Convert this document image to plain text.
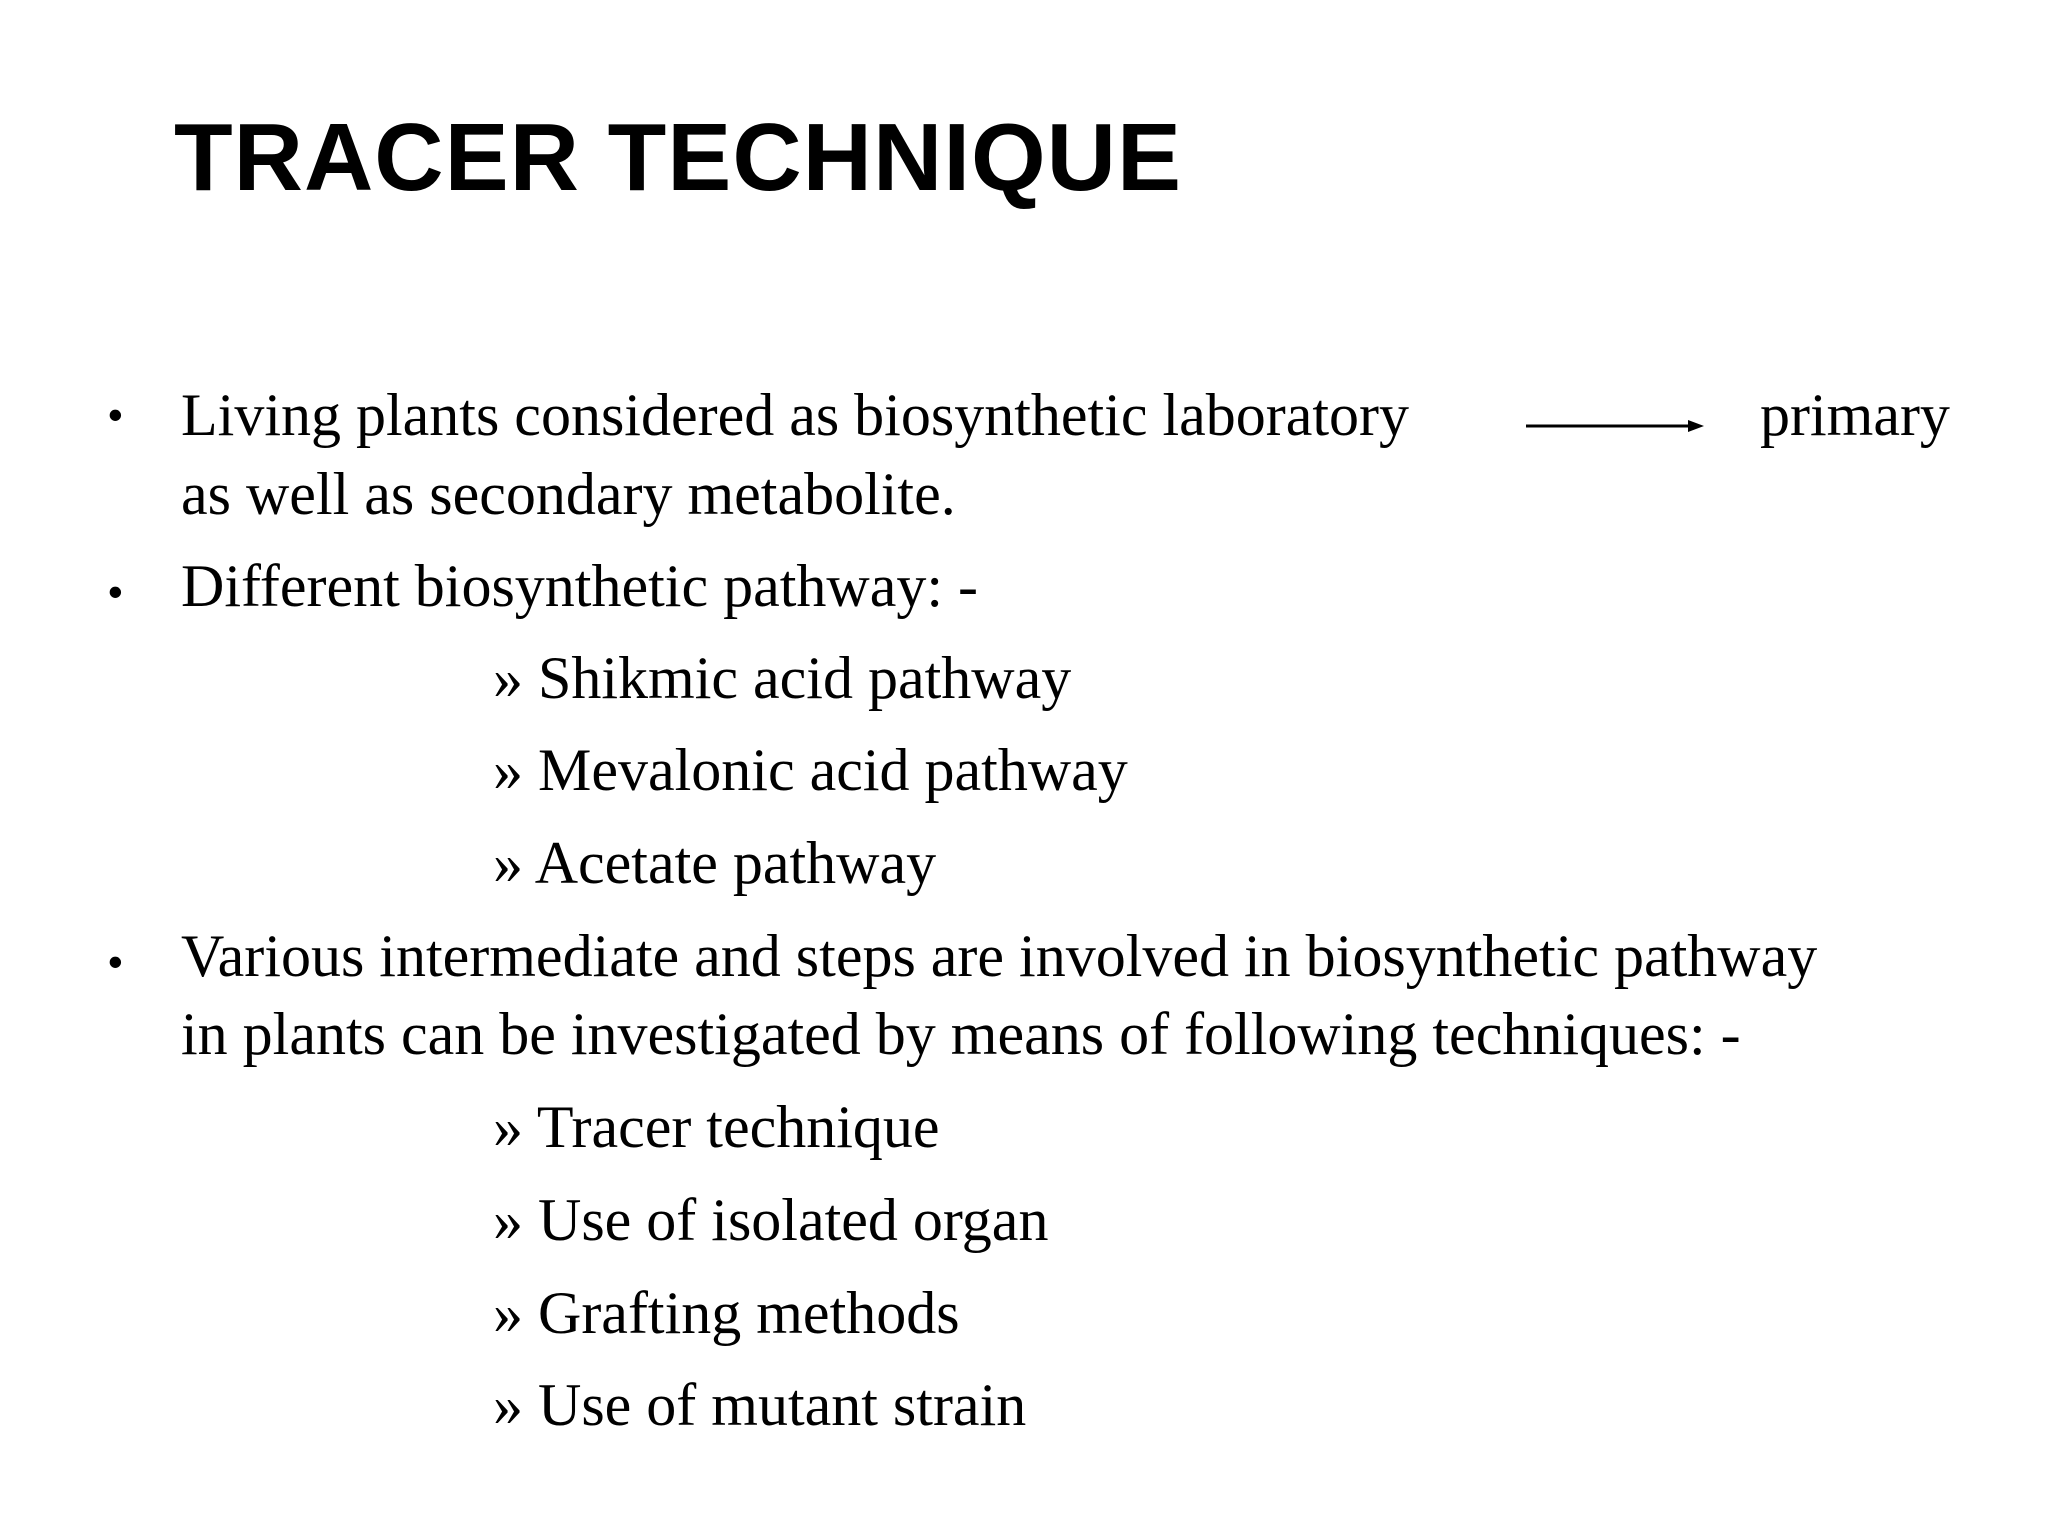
TRACER TECHNIQUE
• Living plants considered as biosynthetic laboratory	primary
as well as secondary metabolite.
• Different biosynthetic pathway: -
» Shikmic acid pathway
» Mevalonic acid pathway
» Acetate pathway
• Various intermediate and steps are involved in biosynthetic pathway
in plants can be investigated by means of following techniques: -
» Tracer technique
» Use of isolated organ
» Grafting methods
» Use of mutant strain
